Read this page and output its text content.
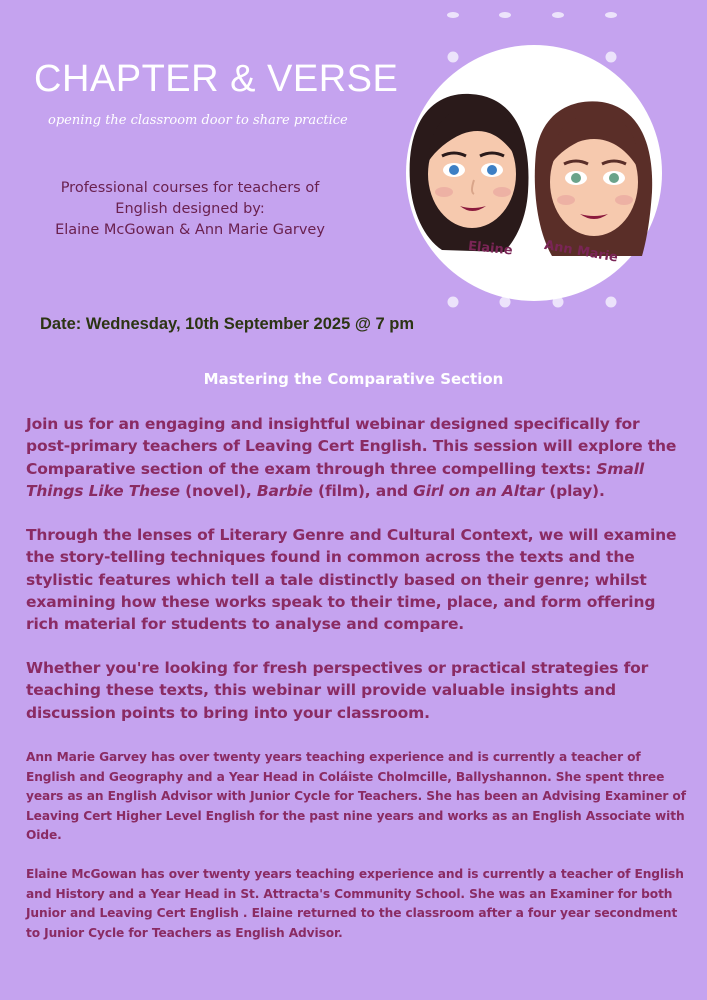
CHAPTER & VERSE

opening the classroom door to share practice

Professional courses for teachers of
English designed by:
Elaine McGowan & Ann Marie Garvey

Elaine Ann Marie

Date: Wednesday, 10th September 2025 @ 7 pm

Mastering the Comparative Section

Join us for an engaging and insightful webinar designed specifically for post-primary teachers of Leaving Cert English. This session will explore the Comparative section of the exam through three compelling texts: Small Things Like These (novel), Barbie (film), and Girl on an Altar (play).

Through the lenses of Literary Genre and Cultural Context, we will examine the story-telling techniques found in common across the texts and the stylistic features which tell a tale distinctly based on their genre; whilst examining how these works speak to their time, place, and form offering rich material for students to analyse and compare.

Whether you're looking for fresh perspectives or practical strategies for teaching these texts, this webinar will provide valuable insights and discussion points to bring into your classroom.

Ann Marie Garvey has over twenty years teaching experience and is currently a teacher of English and Geography and a Year Head in Coláiste Cholmcille, Ballyshannon. She spent three years as an English Advisor with Junior Cycle for Teachers. She has been an Advising Examiner of Leaving Cert Higher Level English for the past nine years and works as an English Associate with Oide.

Elaine McGowan has over twenty years teaching experience and is currently a teacher of English and History and a Year Head in St. Attracta's Community School. She was an Examiner for both Junior and Leaving Cert English . Elaine returned to the classroom after a four year secondment to Junior Cycle for Teachers as English Advisor.
